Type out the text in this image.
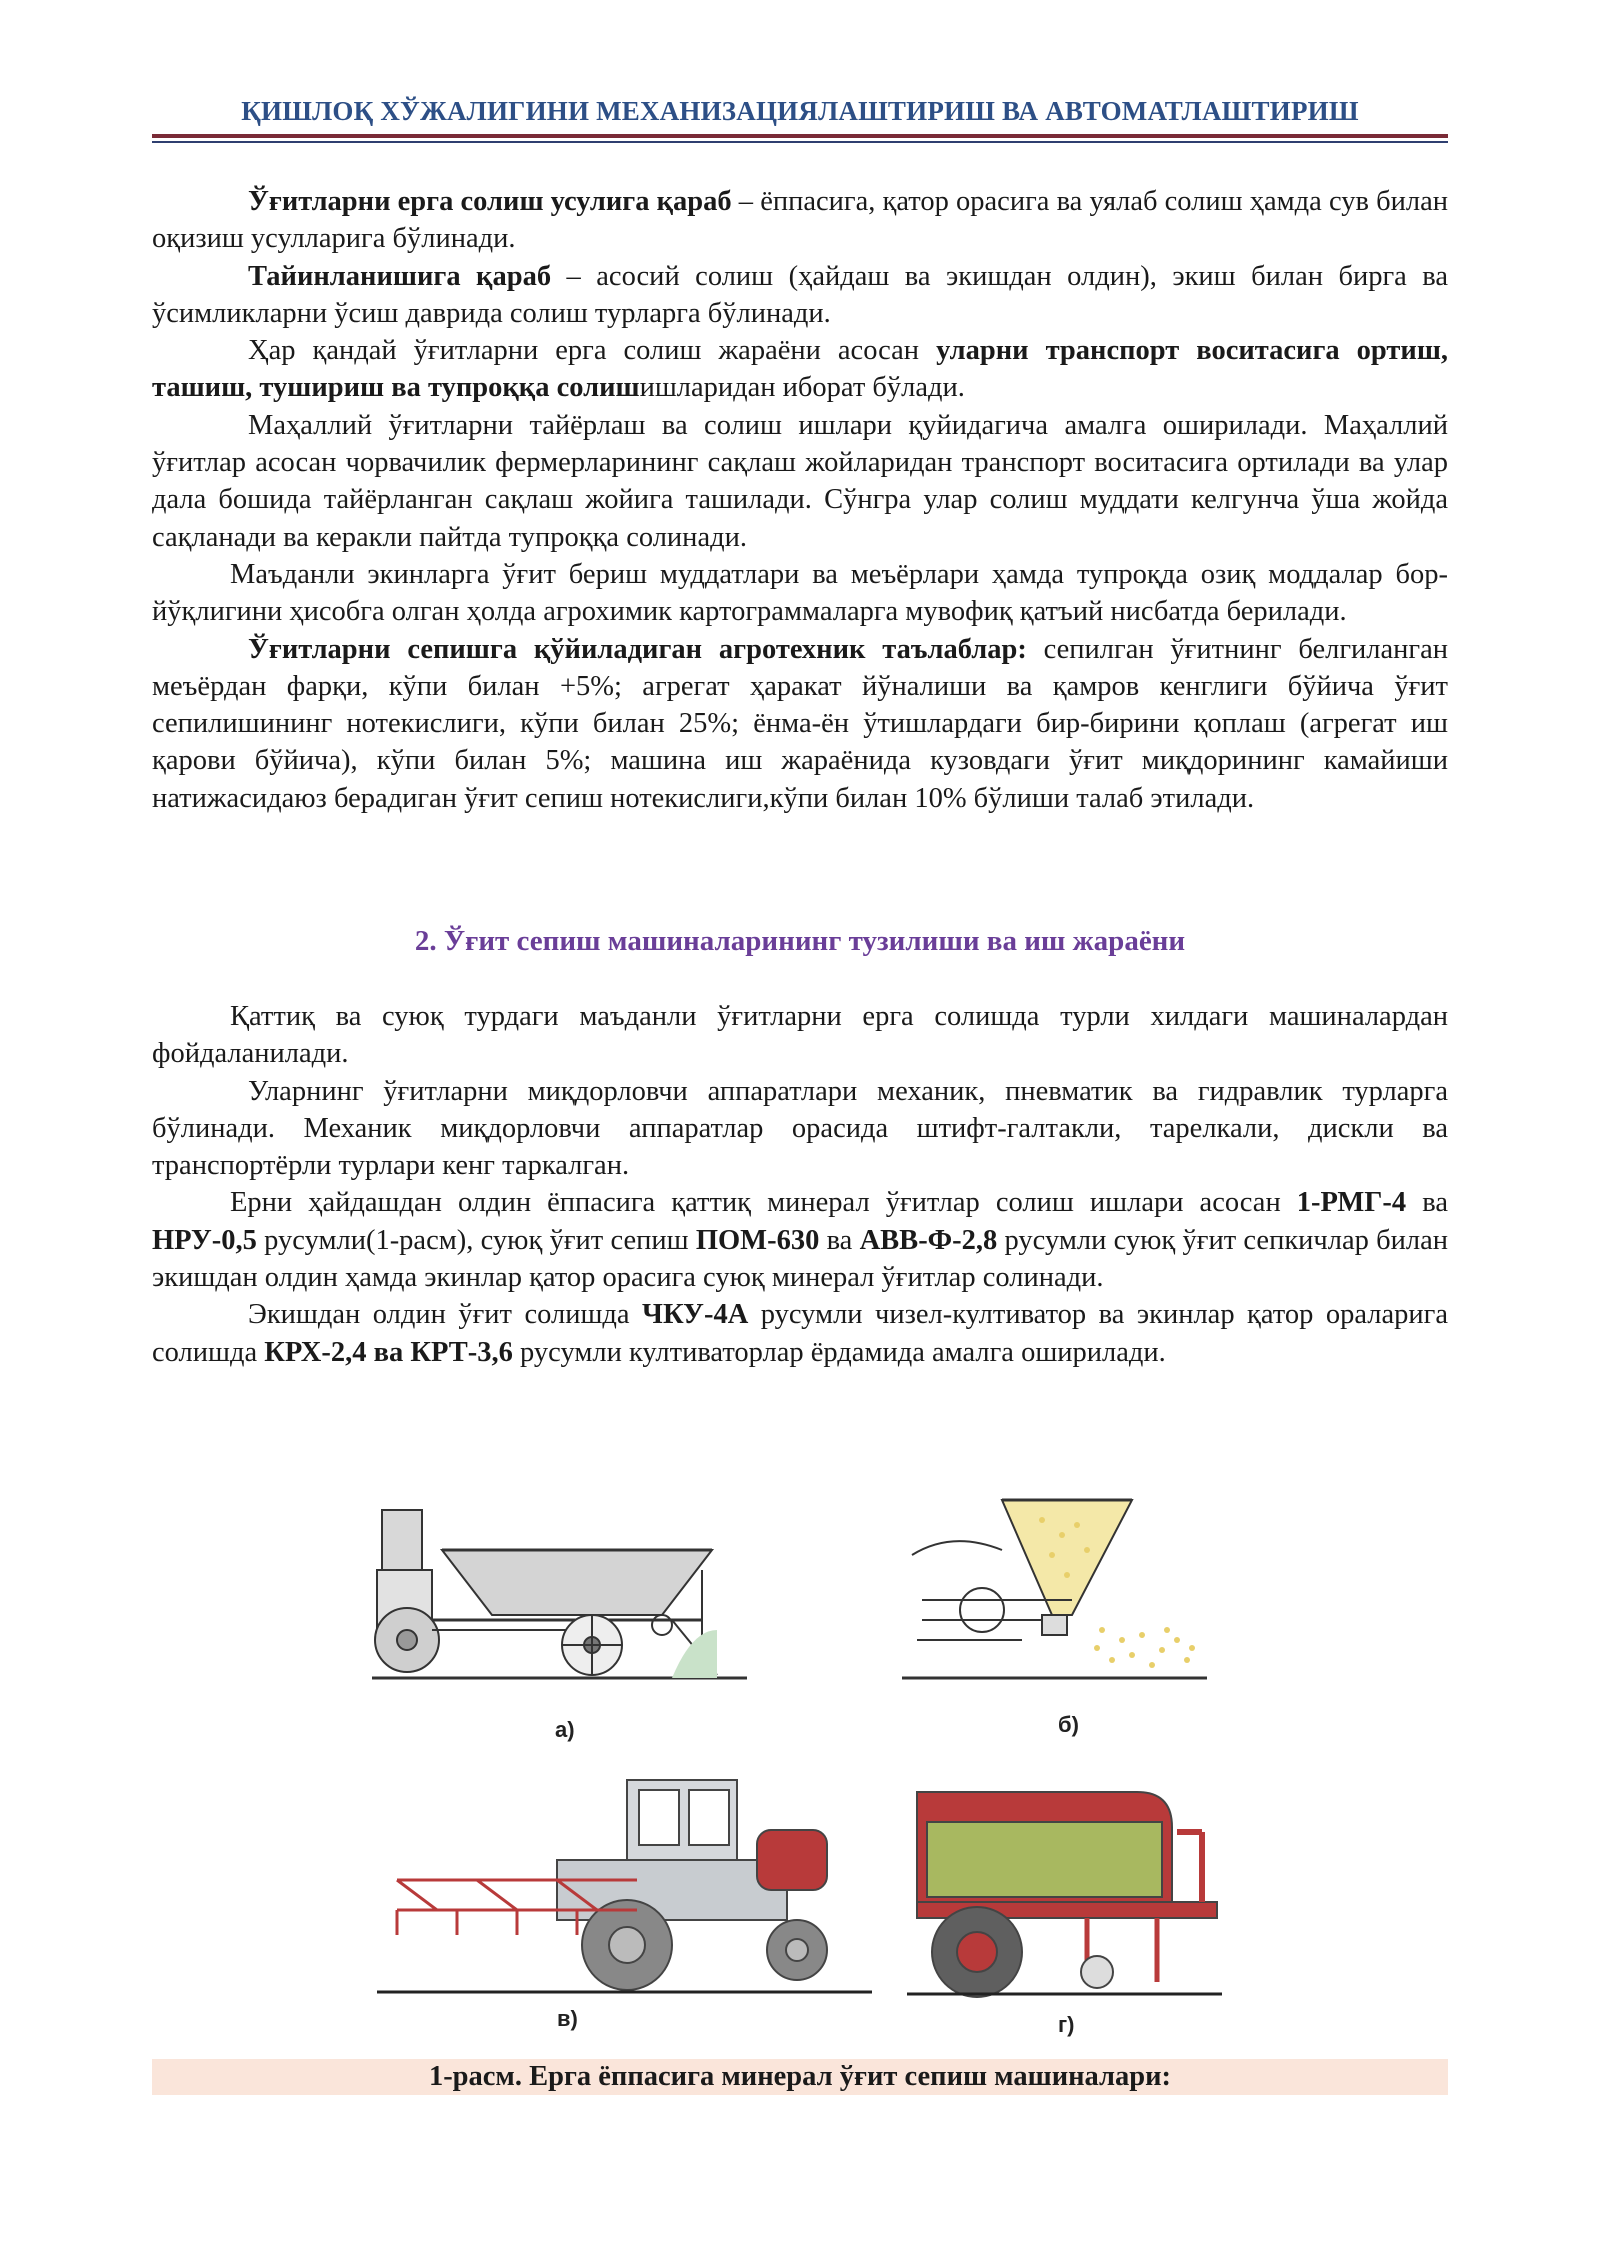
ҚИШЛОҚ ХЎЖАЛИГИНИ МЕХАНИЗАЦИЯЛАШТИРИШ ВА АВТОМАТЛАШТИРИШ
Ўғитларни ерга солиш усулига қараб – ёппасига, қатор орасига ва уялаб солиш ҳамда сув билан оқизиш усулларига бўлинади.
Тайинланишига қараб – асосий солиш (ҳайдаш ва экишдан олдин), экиш билан бирга ва ўсимликларни ўсиш даврида солиш турларга бўлинади.
Ҳар қандай ўғитларни ерга солиш жараёни асосан уларни транспорт воситасига ортиш, ташиш, тушириш ва тупроққа солишишларидан иборат бўлади.
Маҳаллий ўғитларни тайёрлаш ва солиш ишлари қуйидагича амалга оширилади. Маҳаллий ўғитлар асосан чорвачилик фермерларининг сақлаш жойларидан транспорт воситасига ортилади ва улар дала бошида тайёрланган сақлаш жойига ташилади. Сўнгра улар солиш муддати келгунча ўша жойда сақланади ва керакли пайтда тупроққа солинади.
Маъданли экинларга ўғит бериш муддатлари ва меъёрлари ҳамда тупроқда озиқ моддалар бор-йўқлигини ҳисобга олган ҳолда агрохимик картограммаларга мувофиқ қатъий нисбатда берилади.
Ўғитларни сепишга қўйиладиган агротехник таълаблар: сепилган ўғитнинг белгиланган меъёрдан фарқи, кўпи билан +5%; агрегат ҳаракат йўналиши ва қамров кенглиги бўйича ўғит сепилишининг нотекислиги, кўпи билан 25%; ёнма-ён ўтишлардаги бир-бирини қоплаш (агрегат иш қарови бўйича), кўпи билан 5%; машина иш жараёнида кузовдаги ўғит миқдорининг камайиши натижасидаюз берадиган ўғит сепиш нотекислиги,кўпи билан 10% бўлиши талаб этилади.
2. Ўғит сепиш машиналарининг тузилиши ва иш жараёни
Қаттиқ ва суюқ турдаги маъданли ўғитларни ерга солишда турли хилдаги машиналардан фойдаланилади.
Уларнинг ўғитларни миқдорловчи аппаратлари механик, пневматик ва гидравлик турларга бўлинади. Механик миқдорловчи аппаратлар орасида штифт-галтакли, тарелкали, дискли ва транспортёрли турлари кенг таркалган.
Ерни ҳайдашдан олдин ёппасига қаттиқ минерал ўғитлар солиш ишлари асосан 1-РМГ-4 ва НРУ-0,5 русумли(1-расм), суюқ ўғит сепиш ПОМ-630 ва АВВ-Ф-2,8 русумли суюқ ўғит сепкичлар билан экишдан олдин ҳамда экинлар қатор орасига суюқ минерал ўғитлар солинади.
Экишдан олдин ўғит солишда ЧКУ-4А русумли чизел-култиватор ва экинлар қатор ораларига солишда КРХ-2,4 ва КРТ-3,6 русумли култиваторлар ёрдамида амалга оширилади.
а)	б)
в)	г)
1-расм. Ерга ёппасига минерал ўғит сепиш машиналари:
